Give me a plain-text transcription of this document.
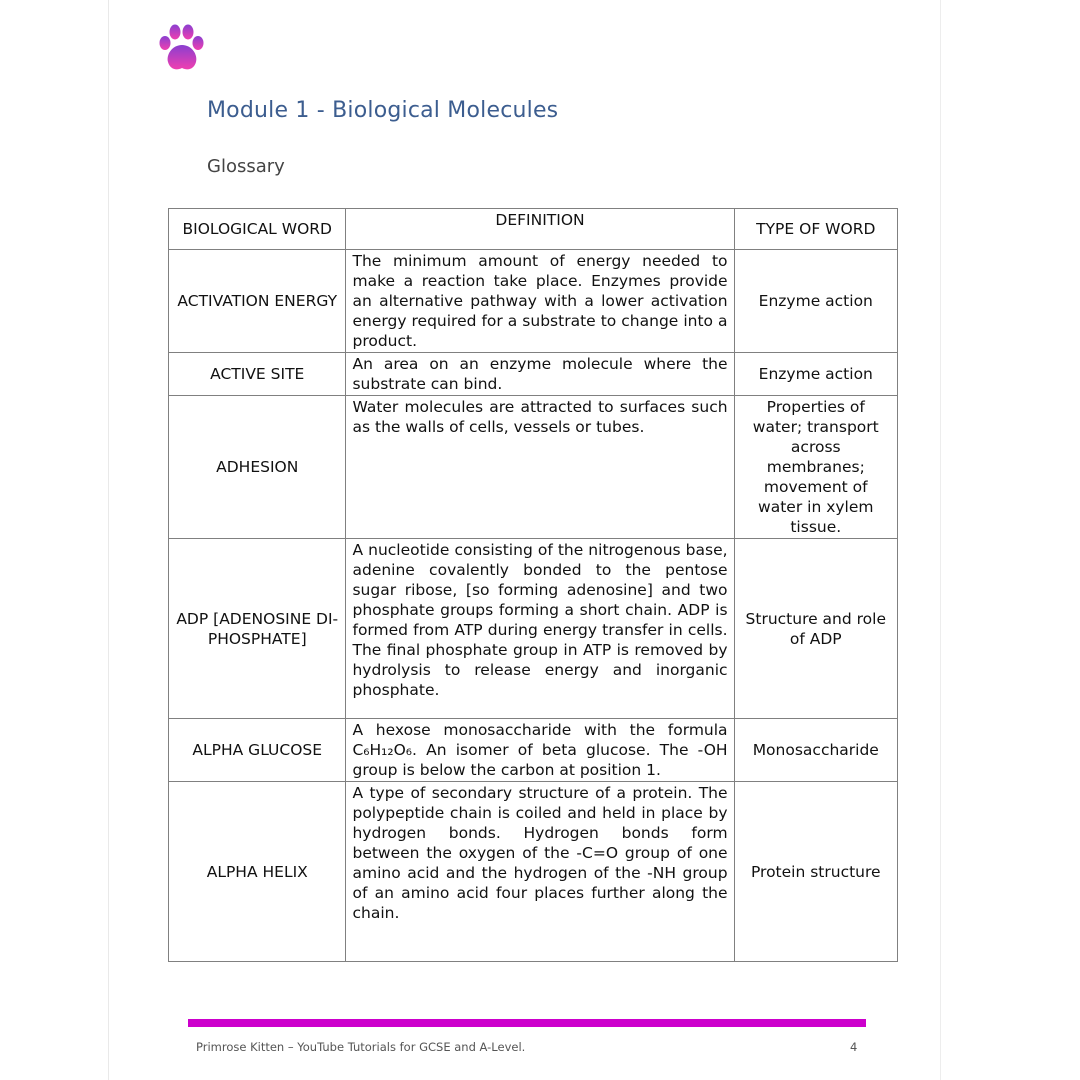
Module 1 - Biological Molecules
Glossary
BIOLOGICAL WORD	DEFINITION	TYPE OF WORD
ACTIVATION ENERGY	The minimum amount of energy needed to make a reaction take place. Enzymes provide an alternative pathway with a lower activation energy required for a substrate to change into a product.	Enzyme action
ACTIVE SITE	An area on an enzyme molecule where the substrate can bind.	Enzyme action
ADHESION	Water molecules are attracted to surfaces such as the walls of cells, vessels or tubes.	Properties of water; transport across membranes; movement of water in xylem tissue.
ADP [ADENOSINE DI-PHOSPHATE]	A nucleotide consisting of the nitrogenous base, adenine covalently bonded to the pentose sugar ribose, [so forming adenosine] and two phosphate groups forming a short chain. ADP is formed from ATP during energy transfer in cells. The final phosphate group in ATP is removed by hydrolysis to release energy and inorganic phosphate.	Structure and role of ADP
ALPHA GLUCOSE	A hexose monosaccharide with the formula C₆H₁₂O₆. An isomer of beta glucose. The -OH group is below the carbon at position 1.	Monosaccharide
ALPHA HELIX	A type of secondary structure of a protein. The polypeptide chain is coiled and held in place by hydrogen bonds. Hydrogen bonds form between the oxygen of the -C=O group of one amino acid and the hydrogen of the -NH group of an amino acid four places further along the chain.	Protein structure
Primrose Kitten – YouTube Tutorials for GCSE and A-Level.	4
